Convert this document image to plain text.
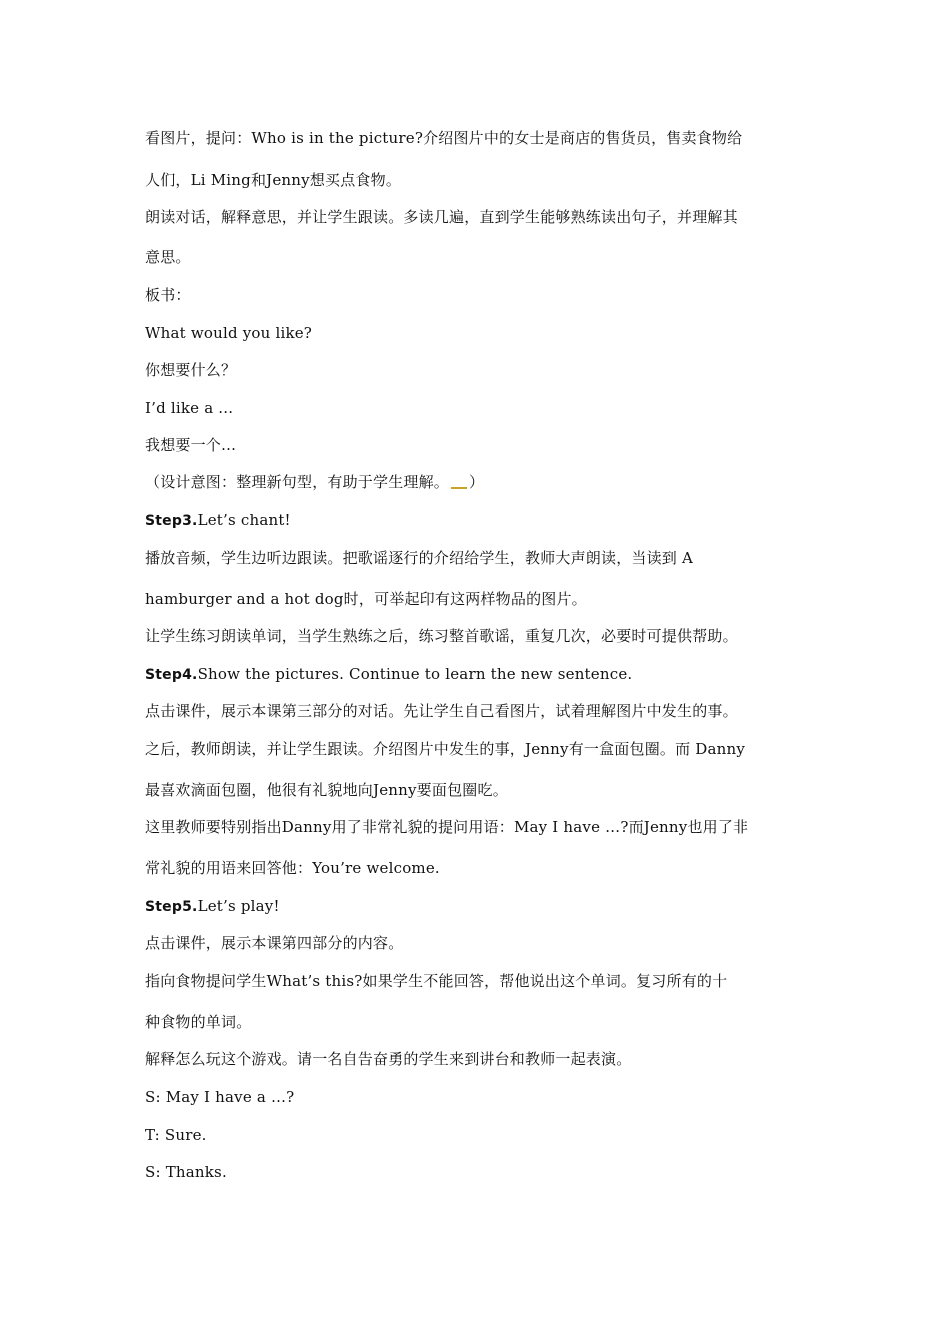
看图片，提问：Who is in the picture?介绍图片中的女士是商店的售货员，售卖食物给
人们，Li Ming和Jenny想买点食物。
朗读对话，解释意思，并让学生跟读。多读几遍，直到学生能够熟练读出句子，并理解其
意思。
板书：
What would you like?
你想要什么？
I’d like a ...
我想要一个…
（设计意图：整理新句型，有助于学生理解。 ）
Step3.Let’s chant!
播放音频，学生边听边跟读。把歌谣逐行的介绍给学生，教师大声朗读，当读到 A
hamburger and a hot dog时，可举起印有这两样物品的图片。
让学生练习朗读单词，当学生熟练之后，练习整首歌谣，重复几次，必要时可提供帮助。
Step4.Show the pictures. Continue to learn the new sentence.
点击课件，展示本课第三部分的对话。先让学生自己看图片，试着理解图片中发生的事。
之后，教师朗读，并让学生跟读。介绍图片中发生的事，Jenny有一盒面包圈。而 Danny
最喜欢滴面包圈，他很有礼貌地向Jenny要面包圈吃。
这里教师要特别指出Danny用了非常礼貌的提问用语：May I have …?而Jenny也用了非
常礼貌的用语来回答他：You’re welcome.
Step5.Let’s play!
点击课件，展示本课第四部分的内容。
指向食物提问学生What’s this?如果学生不能回答，帮他说出这个单词。复习所有的十
种食物的单词。
解释怎么玩这个游戏。请一名自告奋勇的学生来到讲台和教师一起表演。
S: May I have a …?
T: Sure.
S: Thanks.
